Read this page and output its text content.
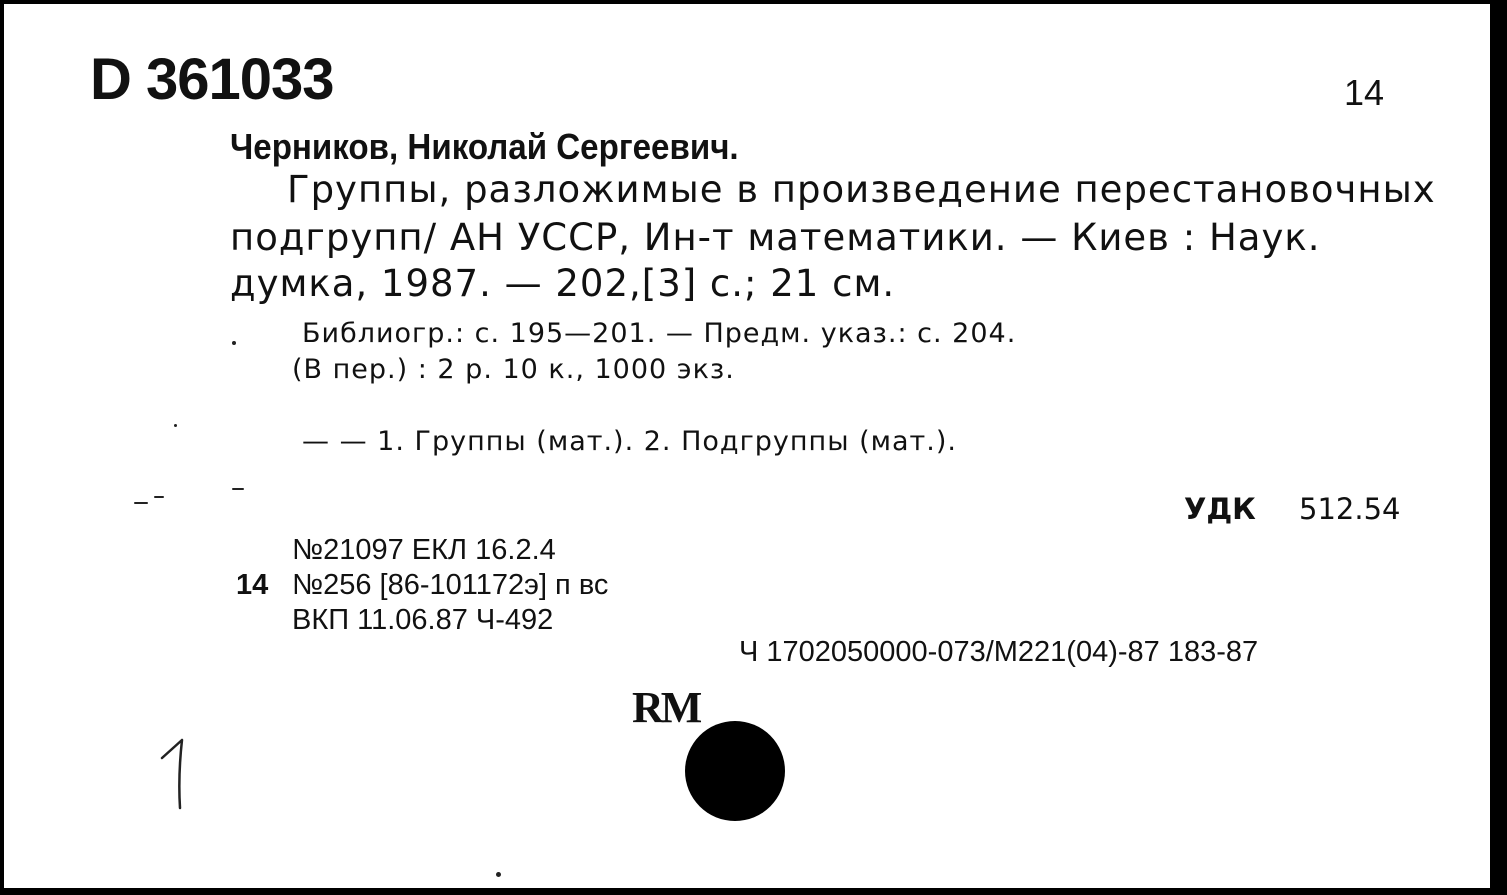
D 361033	14
Черников, Николай Сергеевич.
Группы, разложимые в произведение перестановочных
подгрупп/ АН УССР, Ин-т математики. — Киев : Наук.
думка, 1987. — 202,[3] с.; 21 см.
Библиогр.: с. 195—201. — Предм. указ.: с. 204.
(В пер.) : 2 р. 10 к., 1000 экз.
— — 1. Группы (мат.). 2. Подгруппы (мат.).
УДК 512.54
№21097 ЕКЛ 16.2.4
14 №256 [86-101172э] п вс
ВКП 11.06.87 Ч-492
Ч 1702050000-073/М221(04)-87 183-87
RM
